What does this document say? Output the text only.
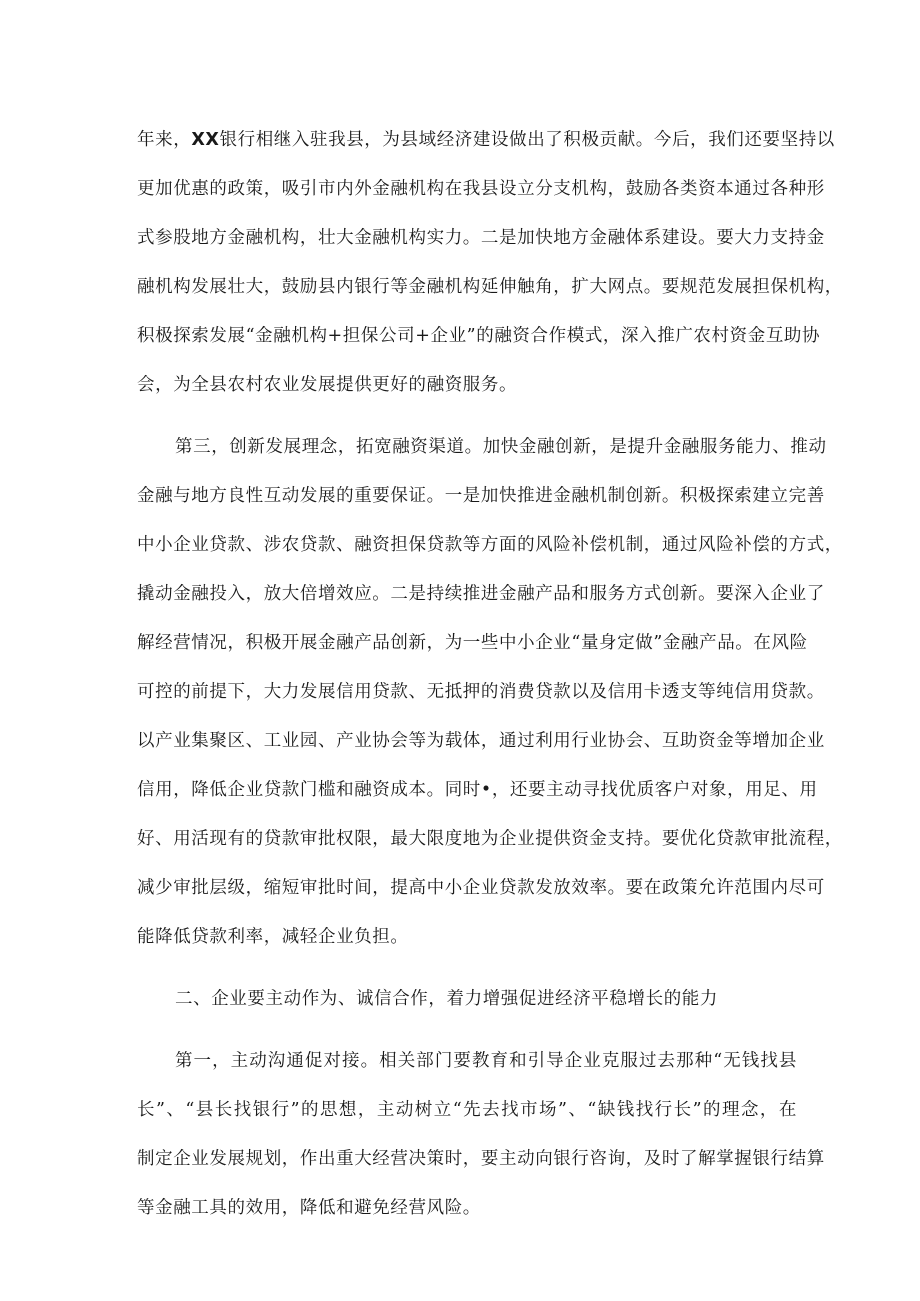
年来，XX银行相继入驻我县，为县域经济建设做出了积极贡献。今后，我们还要坚持以
更加优惠的政策，吸引市内外金融机构在我县设立分支机构，鼓励各类资本通过各种形
式参股地方金融机构，壮大金融机构实力。二是加快地方金融体系建设。要大力支持金
融机构发展壮大，鼓励县内银行等金融机构延伸触角，扩大网点。要规范发展担保机构，
积极探索发展“金融机构+担保公司+企业”的融资合作模式，深入推广农村资金互助协
会，为全县农村农业发展提供更好的融资服务。
第三，创新发展理念，拓宽融资渠道。加快金融创新，是提升金融服务能力、推动
金融与地方良性互动发展的重要保证。一是加快推进金融机制创新。积极探索建立完善
中小企业贷款、涉农贷款、融资担保贷款等方面的风险补偿机制，通过风险补偿的方式，
撬动金融投入，放大倍增效应。二是持续推进金融产品和服务方式创新。要深入企业了
解经营情况，积极开展金融产品创新，为一些中小企业“量身定做”金融产品。在风险
可控的前提下，大力发展信用贷款、无抵押的消费贷款以及信用卡透支等纯信用贷款。
以产业集聚区、工业园、产业协会等为载体，通过利用行业协会、互助资金等增加企业
信用，降低企业贷款门槛和融资成本。同时•，还要主动寻找优质客户对象，用足、用
好、用活现有的贷款审批权限，最大限度地为企业提供资金支持。要优化贷款审批流程，
减少审批层级，缩短审批时间，提高中小企业贷款发放效率。要在政策允许范围内尽可
能降低贷款利率，减轻企业负担。
二、企业要主动作为、诚信合作，着力增强促进经济平稳增长的能力
第一，主动沟通促对接。相关部门要教育和引导企业克服过去那种“无钱找县
长”、“县长找银行”的思想，主动树立“先去找市场”、“缺钱找行长”的理念，在
制定企业发展规划，作出重大经营决策时，要主动向银行咨询，及时了解掌握银行结算
等金融工具的效用，降低和避免经营风险。
